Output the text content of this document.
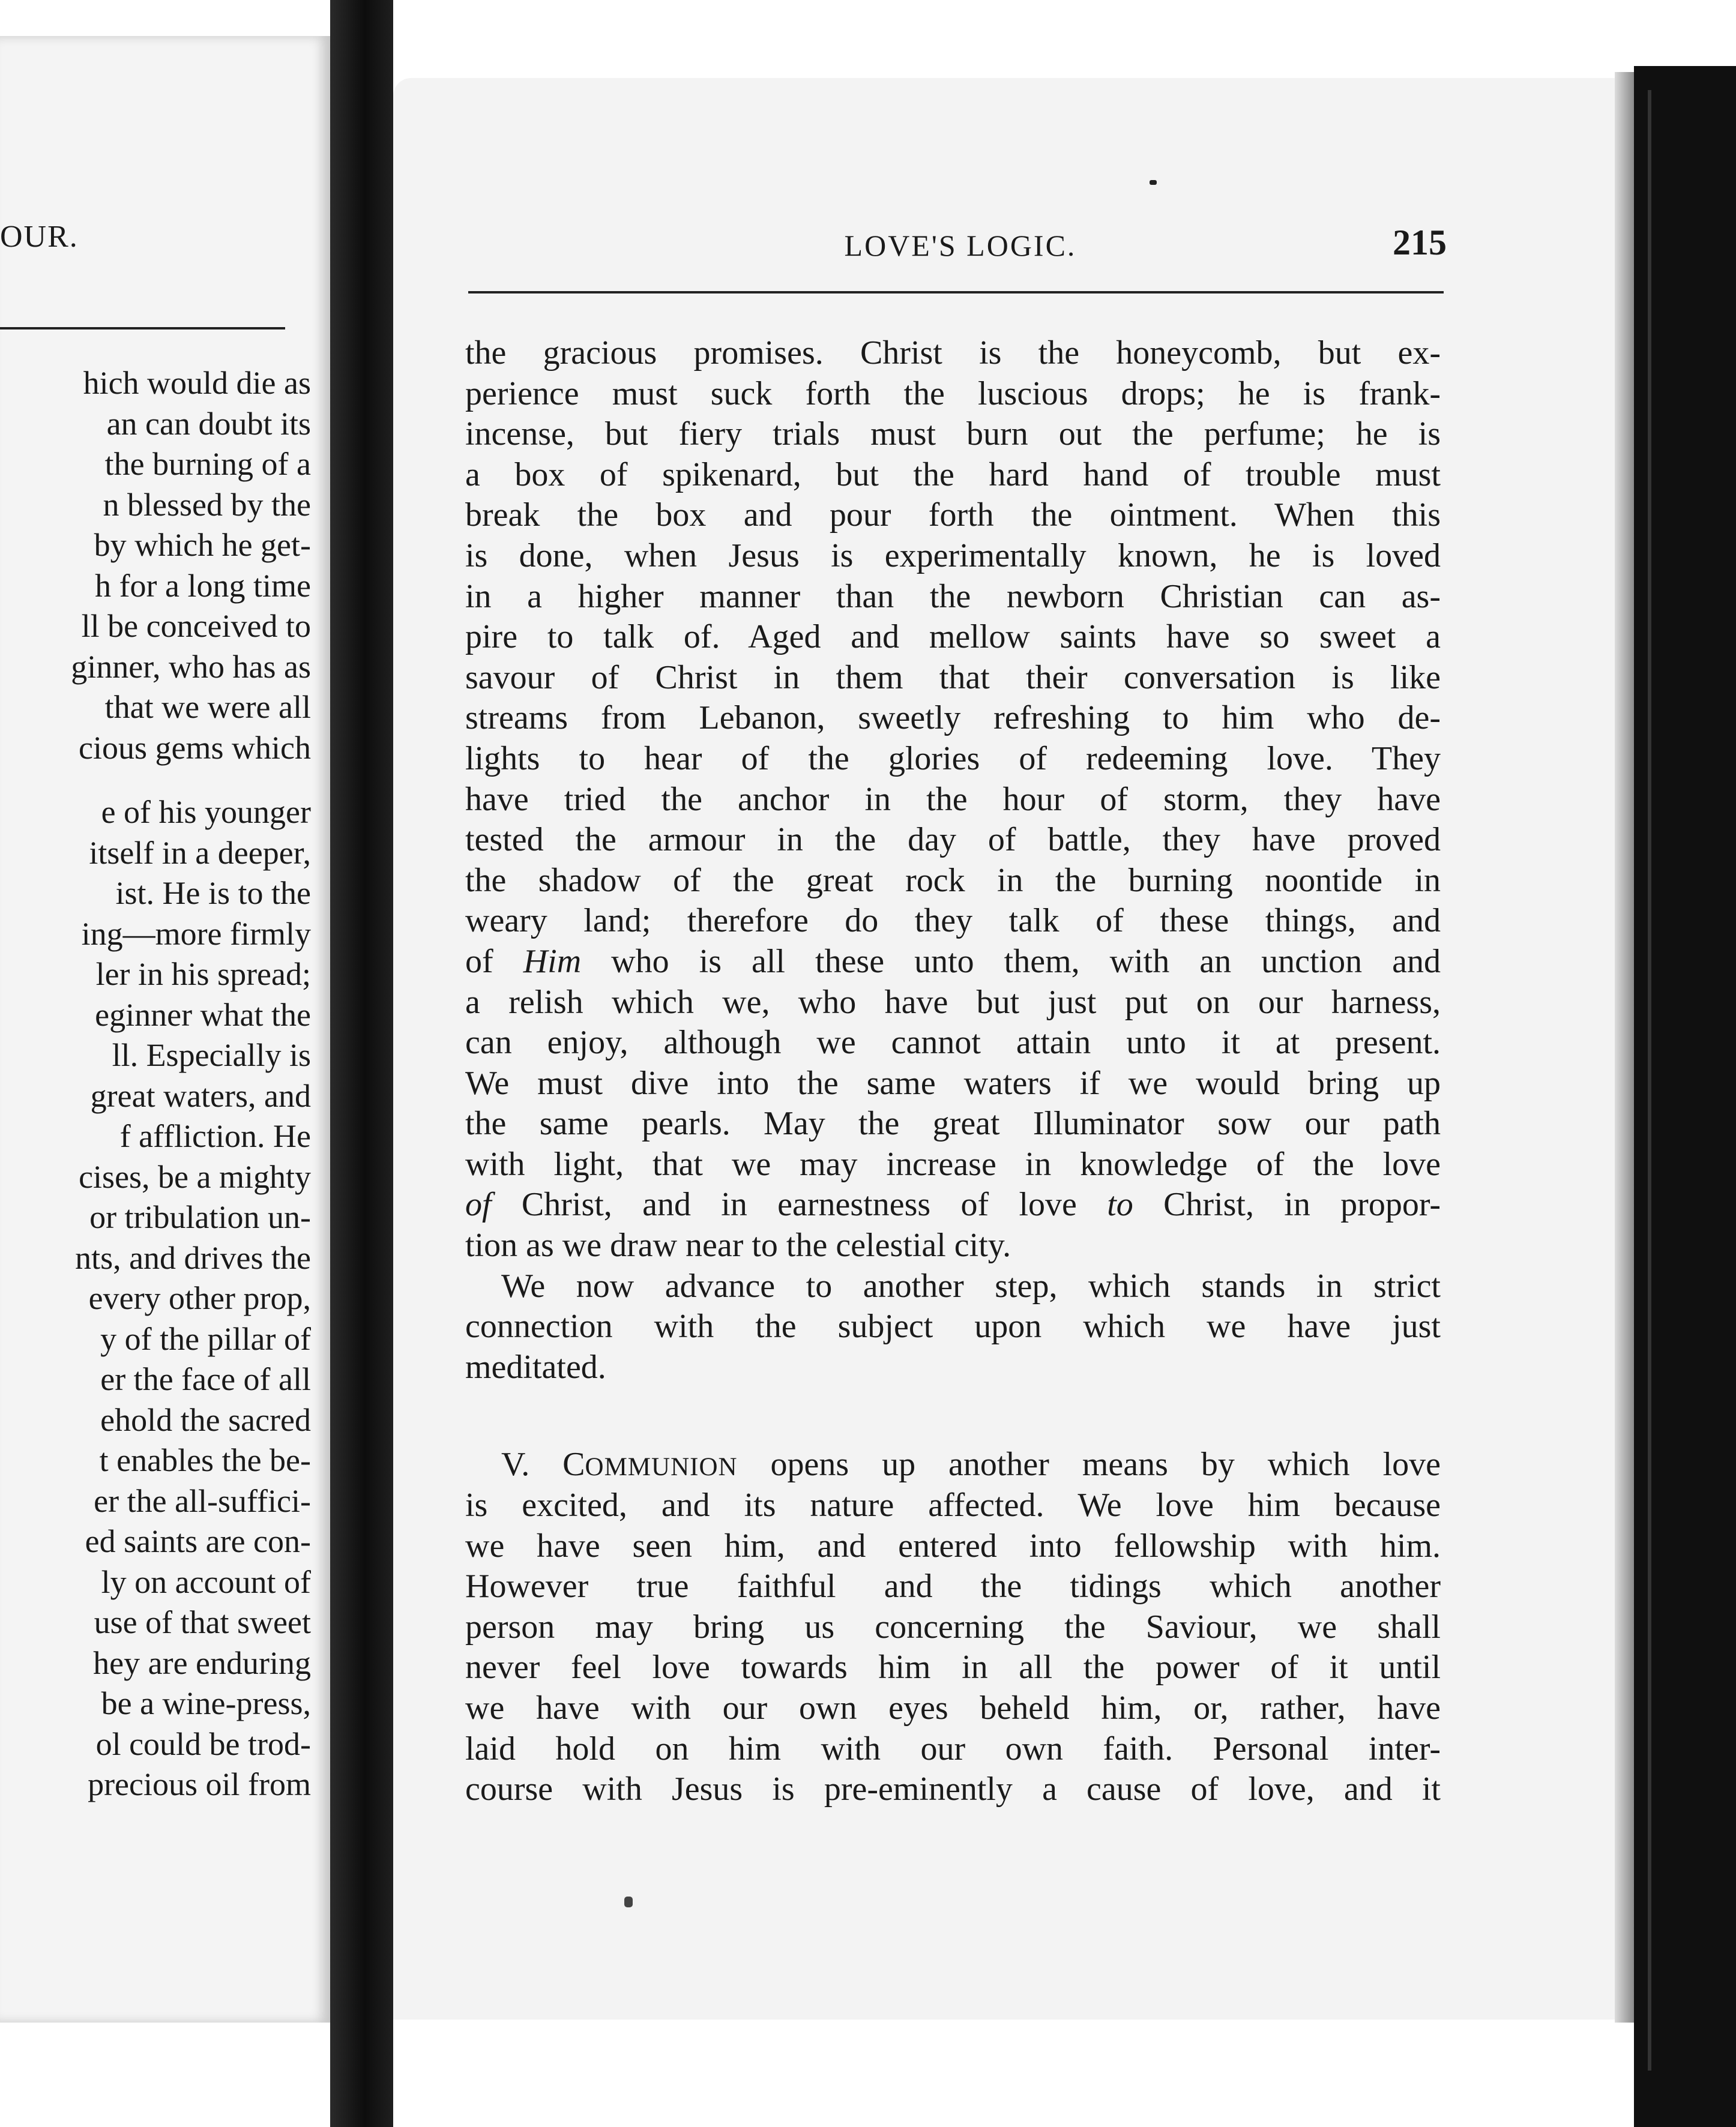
OUR.
hich would die as
an can doubt its
the burning of a
n blessed by the
by which he get-
h for a long time
ll be conceived to
ginner, who has as
that we were all
cious gems which
e of his younger
itself in a deeper,
ist. He is to the
ing—more firmly
ler in his spread;
eginner what the
ll. Especially is
great waters, and
f affliction. He
cises, be a mighty
or tribulation un-
nts, and drives the
every other prop,
y of the pillar of
er the face of all
ehold the sacred
t enables the be-
er the all-suffici-
ed saints are con-
ly on account of
use of that sweet
hey are enduring
be a wine-press,
ol could be trod-
precious oil from
LOVE'S LOGIC.	215
the gracious promises. Christ is the honeycomb, but ex-
perience must suck forth the luscious drops; he is frank-
incense, but fiery trials must burn out the perfume; he is
a box of spikenard, but the hard hand of trouble must
break the box and pour forth the ointment. When this
is done, when Jesus is experimentally known, he is loved
in a higher manner than the newborn Christian can as-
pire to talk of. Aged and mellow saints have so sweet a
savour of Christ in them that their conversation is like
streams from Lebanon, sweetly refreshing to him who de-
lights to hear of the glories of redeeming love. They
have tried the anchor in the hour of storm, they have
tested the armour in the day of battle, they have proved
the shadow of the great rock in the burning noontide in
weary land; therefore do they talk of these things, and
of Him who is all these unto them, with an unction and
a relish which we, who have but just put on our harness,
can enjoy, although we cannot attain unto it at present.
We must dive into the same waters if we would bring up
the same pearls. May the great Illuminator sow our path
with light, that we may increase in knowledge of the love
of Christ, and in earnestness of love to Christ, in propor-
tion as we draw near to the celestial city.
We now advance to another step, which stands in strict
connection with the subject upon which we have just
meditated.
V. COMMUNION opens up another means by which love
is excited, and its nature affected. We love him because
we have seen him, and entered into fellowship with him.
However true faithful and the tidings which another
person may bring us concerning the Saviour, we shall
never feel love towards him in all the power of it until
we have with our own eyes beheld him, or, rather, have
laid hold on him with our own faith. Personal inter-
course with Jesus is pre-eminently a cause of love, and it
